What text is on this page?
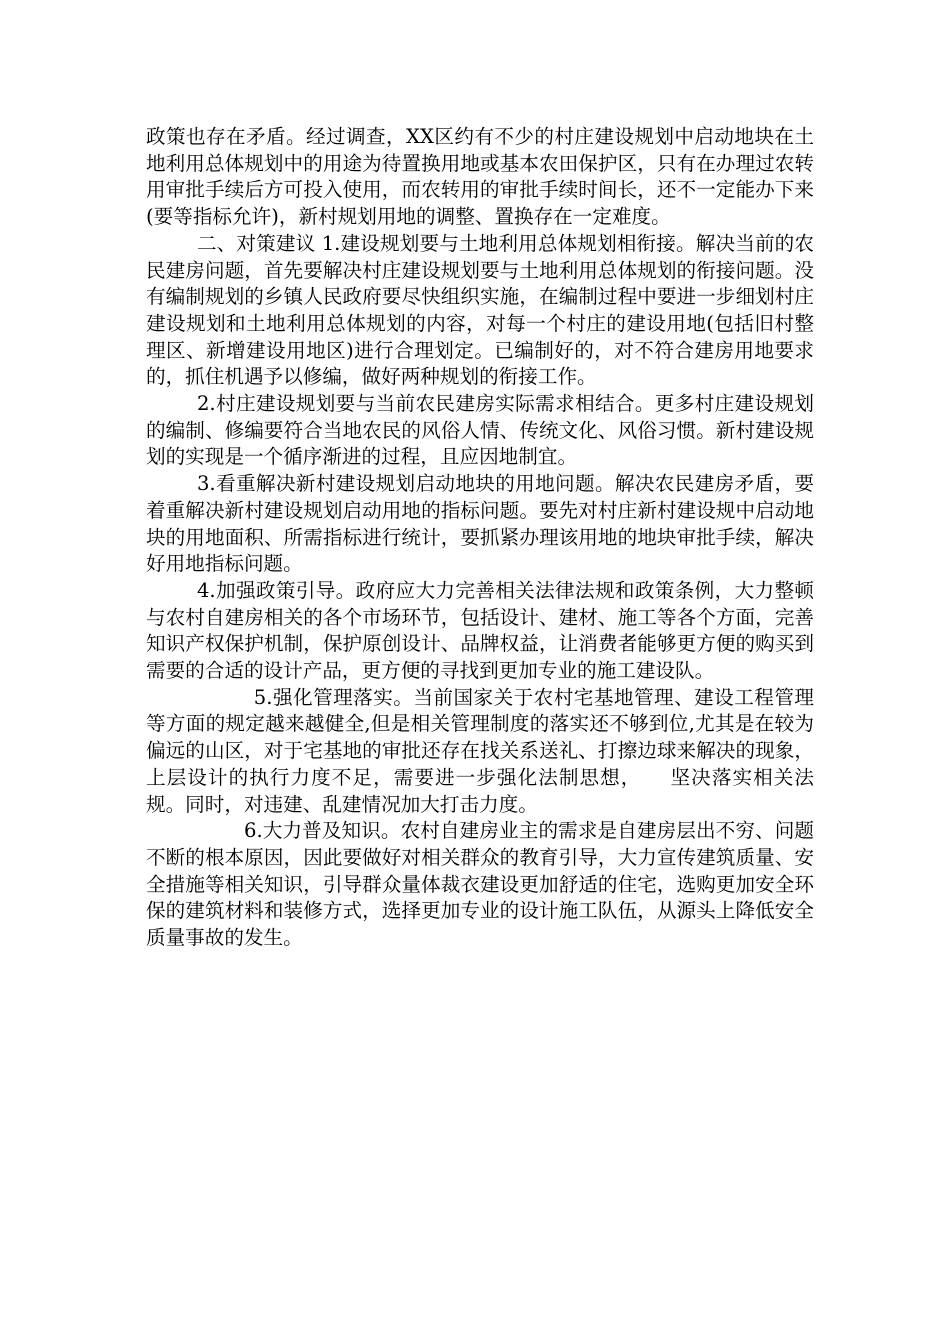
政策也存在矛盾。经过调查，XX区约有不少的村庄建设规划中启动地块在土地利用总体规划中的用途为待置换用地或基本农田保护区，只有在办理过农转用审批手续后方可投入使用，而农转用的审批手续时间长，还不一定能办下来(要等指标允许)，新村规划用地的调整、置换存在一定难度。

二、对策建议 1.建设规划要与土地利用总体规划相衔接。解决当前的农民建房问题，首先要解决村庄建设规划要与土地利用总体规划的衔接问题。没有编制规划的乡镇人民政府要尽快组织实施，在编制过程中要进一步细划村庄建设规划和土地利用总体规划的内容，对每一个村庄的建设用地(包括旧村整理区、新增建设用地区)进行合理划定。已编制好的，对不符合建房用地要求的，抓住机遇予以修编，做好两种规划的衔接工作。

2.村庄建设规划要与当前农民建房实际需求相结合。更多村庄建设规划的编制、修编要符合当地农民的风俗人情、传统文化、风俗习惯。新村建设规划的实现是一个循序渐进的过程，且应因地制宜。

3.看重解决新村建设规划启动地块的用地问题。解决农民建房矛盾，要着重解决新村建设规划启动用地的指标问题。要先对村庄新村建设规中启动地块的用地面积、所需指标进行统计，要抓紧办理该用地的地块审批手续，解决好用地指标问题。

4.加强政策引导。政府应大力完善相关法律法规和政策条例，大力整顿与农村自建房相关的各个市场环节，包括设计、建材、施工等各个方面，完善知识产权保护机制，保护原创设计、品牌权益，让消费者能够更方便的购买到需要的合适的设计产品，更方便的寻找到更加专业的施工建设队。

5.强化管理落实。当前国家关于农村宅基地管理、建设工程管理等方面的规定越来越健全,但是相关管理制度的落实还不够到位,尤其是在较为偏远的山区，对于宅基地的审批还存在找关系送礼、打擦边球来解决的现象，上层设计的执行力度不足，需要进一步强化法制思想，    坚决落实相关法规。同时，对违建、乱建情况加大打击力度。

6.大力普及知识。农村自建房业主的需求是自建房层出不穷、问题不断的根本原因，因此要做好对相关群众的教育引导，大力宣传建筑质量、安全措施等相关知识，引导群众量体裁衣建设更加舒适的住宅，选购更加安全环保的建筑材料和装修方式，选择更加专业的设计施工队伍，从源头上降低安全质量事故的发生。
